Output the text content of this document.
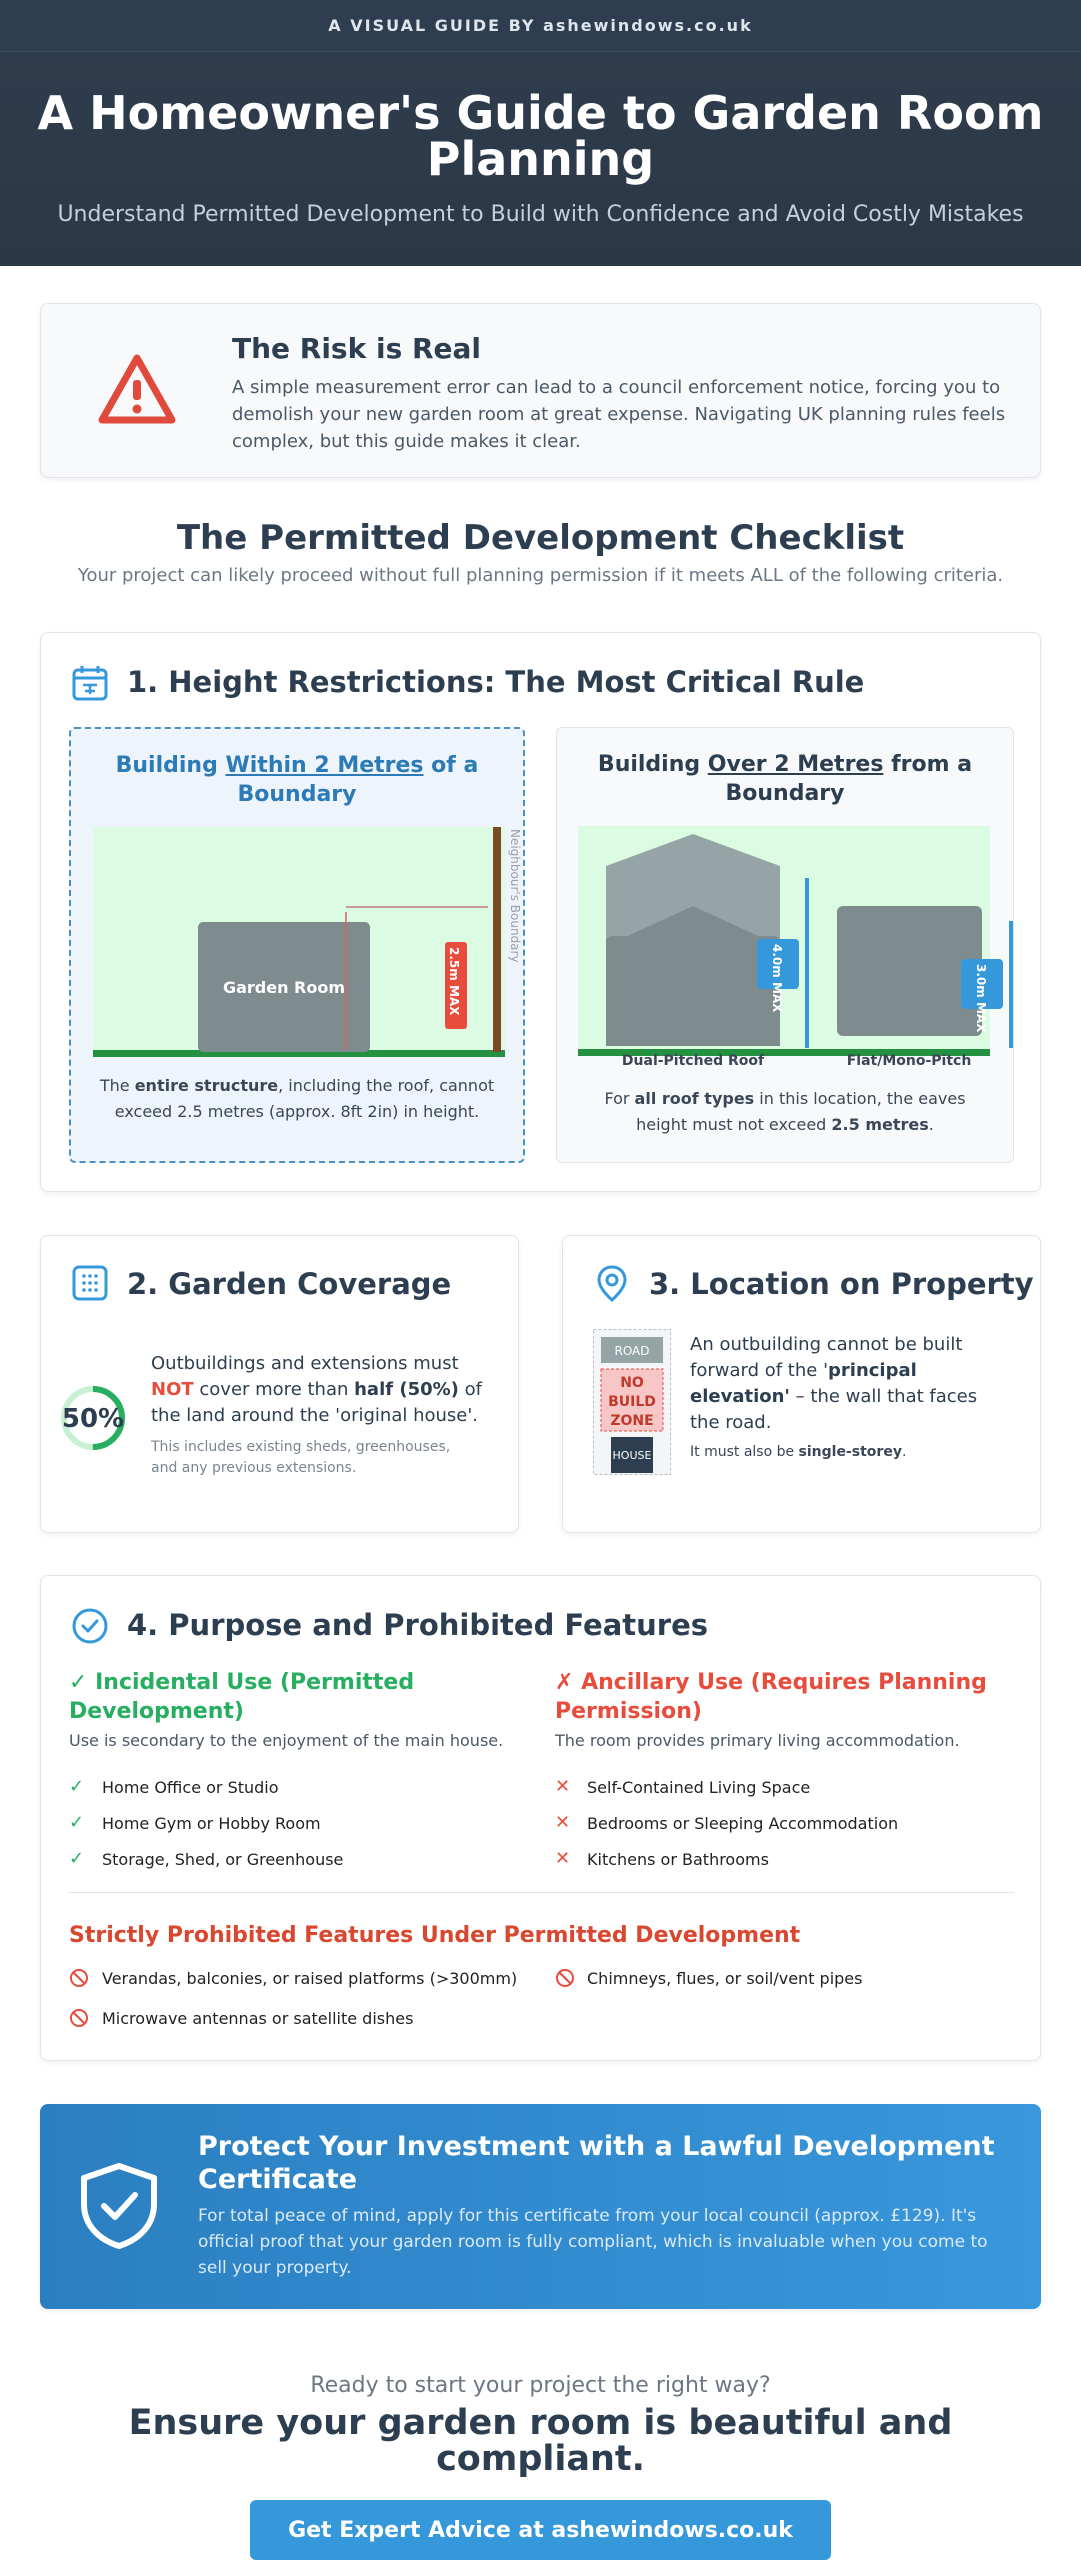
A VISUAL GUIDE BY ashewindows.co.uk
A Homeowner's Guide to Garden Room
Planning

Understand Permitted Development to Build with Confidence and Avoid Costly Mistakes

The Risk is Real

A simple measurement error can lead to a council enforcement notice, forcing you to demolish your new garden room at great expense. Navigating UK planning rules feels complex, but this guide makes it clear.

The Permitted Development Checklist
Your project can likely proceed without full planning permission if it meets ALL of the following criteria.
1. Height Restrictions: The Most Critical Rule
Building Within 2 Metres of a
Boundary
Neighbour's Boundary
Garden Room	2.5m MAX
The entire structure, including the roof, cannot
exceed 2.5 metres (approx. 8ft 2in) in height.
Building Over 2 Metres from a
Boundary
4.0m MAX	3.0m MAX
Dual-Pitched Roof	Flat/Mono-Pitch
For all roof types in this location, the eaves
height must not exceed 2.5 metres.
2. Garden Coverage
50%
Outbuildings and extensions must
NOT cover more than half (50%) of
the land around the 'original house'.
This includes existing sheds, greenhouses,
and any previous extensions.
3. Location on Property
ROAD
NO
BUILD
ZONE
HOUSE
An outbuilding cannot be built
forward of the 'principal
elevation' – the wall that faces
the road.
It must also be single-storey.
4. Purpose and Prohibited Features
✓ Incidental Use (Permitted
Development)
Use is secondary to the enjoyment of the main house.
✗ Ancillary Use (Requires Planning
Permission)
The room provides primary living accommodation.
✓ Home Office or Studio
✓ Home Gym or Hobby Room
✓ Storage, Shed, or Greenhouse
✕ Self-Contained Living Space
✕ Bedrooms or Sleeping Accommodation
✕ Kitchens or Bathrooms
Strictly Prohibited Features Under Permitted Development
Verandas, balconies, or raised platforms (>300mm)	Chimneys, flues, or soil/vent pipes
Microwave antennas or satellite dishes
Protect Your Investment with a Lawful Development
Certificate
For total peace of mind, apply for this certificate from your local council (approx. £129). It's official proof that your garden room is fully compliant, which is invaluable when you come to sell your property.
Ready to start your project the right way?
Ensure your garden room is beautiful and compliant.
Get Expert Advice at ashewindows.co.uk
